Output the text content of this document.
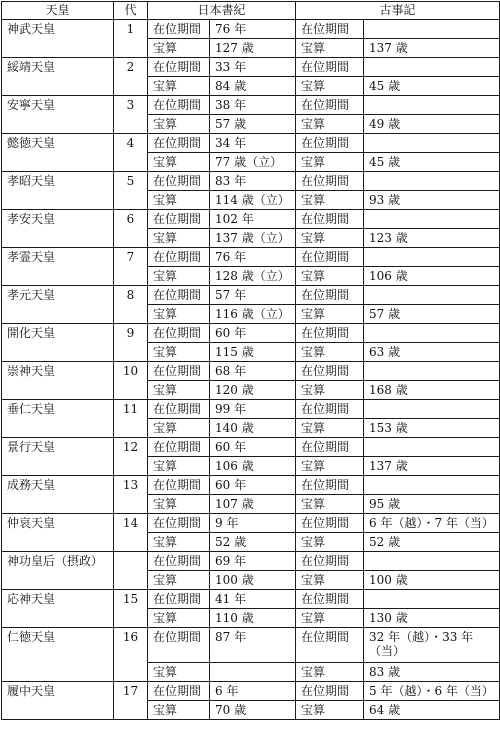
天皇	代	日本書紀		古事記	
神武天皇	1	在位期間	76 年	在位期間	
		宝算	127 歳	宝算	137 歳
綏靖天皇	2	在位期間	33 年	在位期間	
		宝算	84 歳	宝算	45 歳
安寧天皇	3	在位期間	38 年	在位期間	
		宝算	57 歳	宝算	49 歳
懿徳天皇	4	在位期間	34 年	在位期間	
		宝算	77 歳（立）	宝算	45 歳
孝昭天皇	5	在位期間	83 年	在位期間	
		宝算	114 歳（立）	宝算	93 歳
孝安天皇	6	在位期間	102 年	在位期間	
		宝算	137 歳（立）	宝算	123 歳
孝霊天皇	7	在位期間	76 年	在位期間	
		宝算	128 歳（立）	宝算	106 歳
孝元天皇	8	在位期間	57 年	在位期間	
		宝算	116 歳（立）	宝算	57 歳
開化天皇	9	在位期間	60 年	在位期間	
		宝算	115 歳	宝算	63 歳
崇神天皇	10	在位期間	68 年	在位期間	
		宝算	120 歳	宝算	168 歳
垂仁天皇	11	在位期間	99 年	在位期間	
		宝算	140 歳	宝算	153 歳
景行天皇	12	在位期間	60 年	在位期間	
		宝算	106 歳	宝算	137 歳
成務天皇	13	在位期間	60 年	在位期間	
		宝算	107 歳	宝算	95 歳
仲哀天皇	14	在位期間	9 年	在位期間	6 年（越）・7 年（当）
		宝算	52 歳	宝算	52 歳
神功皇后（摂政）		在位期間	69 年	在位期間	
		宝算	100 歳	宝算	100 歳
応神天皇	15	在位期間	41 年	在位期間	
		宝算	110 歳	宝算	130 歳
仁徳天皇	16	在位期間	87 年	在位期間	32 年（越）・33 年（当）
		宝算		宝算	83 歳
履中天皇	17	在位期間	6 年	在位期間	5 年（越）・6 年（当）
		宝算	70 歳	宝算	64 歳
